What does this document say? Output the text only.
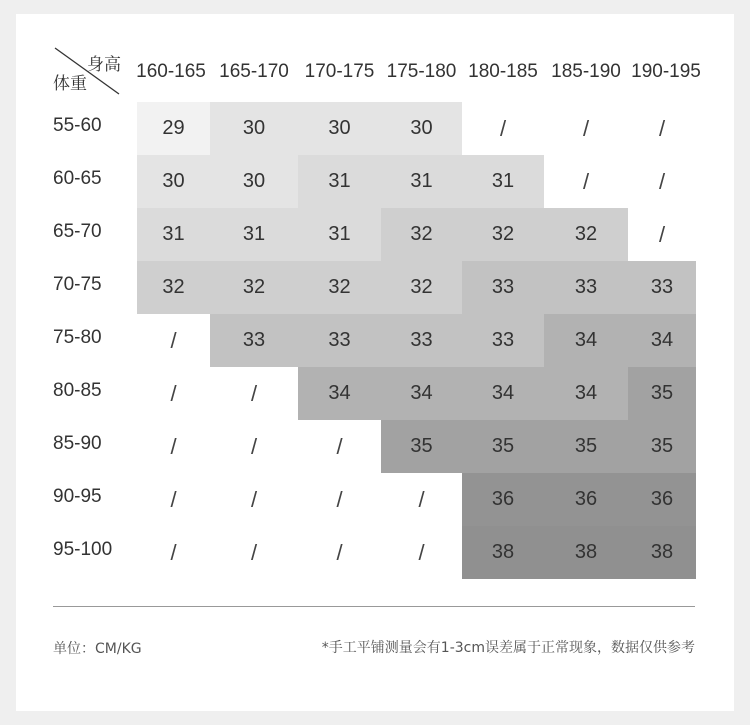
身高
体重
160-165 165-170 170-175 175-180 180-185 185-190 190-195
55-60	29	30	30	30	/	/	/
60-65	30	30	31	31	31	/	/
65-70	31	31	31	32	32	32	/
70-75	32	32	32	32	33	33	33
75-80	/	33	33	33	33	34	34
80-85	/	/	34	34	34	34	35
85-90	/	/	/	35	35	35	35
90-95	/	/	/	/	36	36	36
95-100	/	/	/	/	38	38	38
单位：CM/KG	*手工平铺测量会有1-3cm误差属于正常现象，数据仅供参考
